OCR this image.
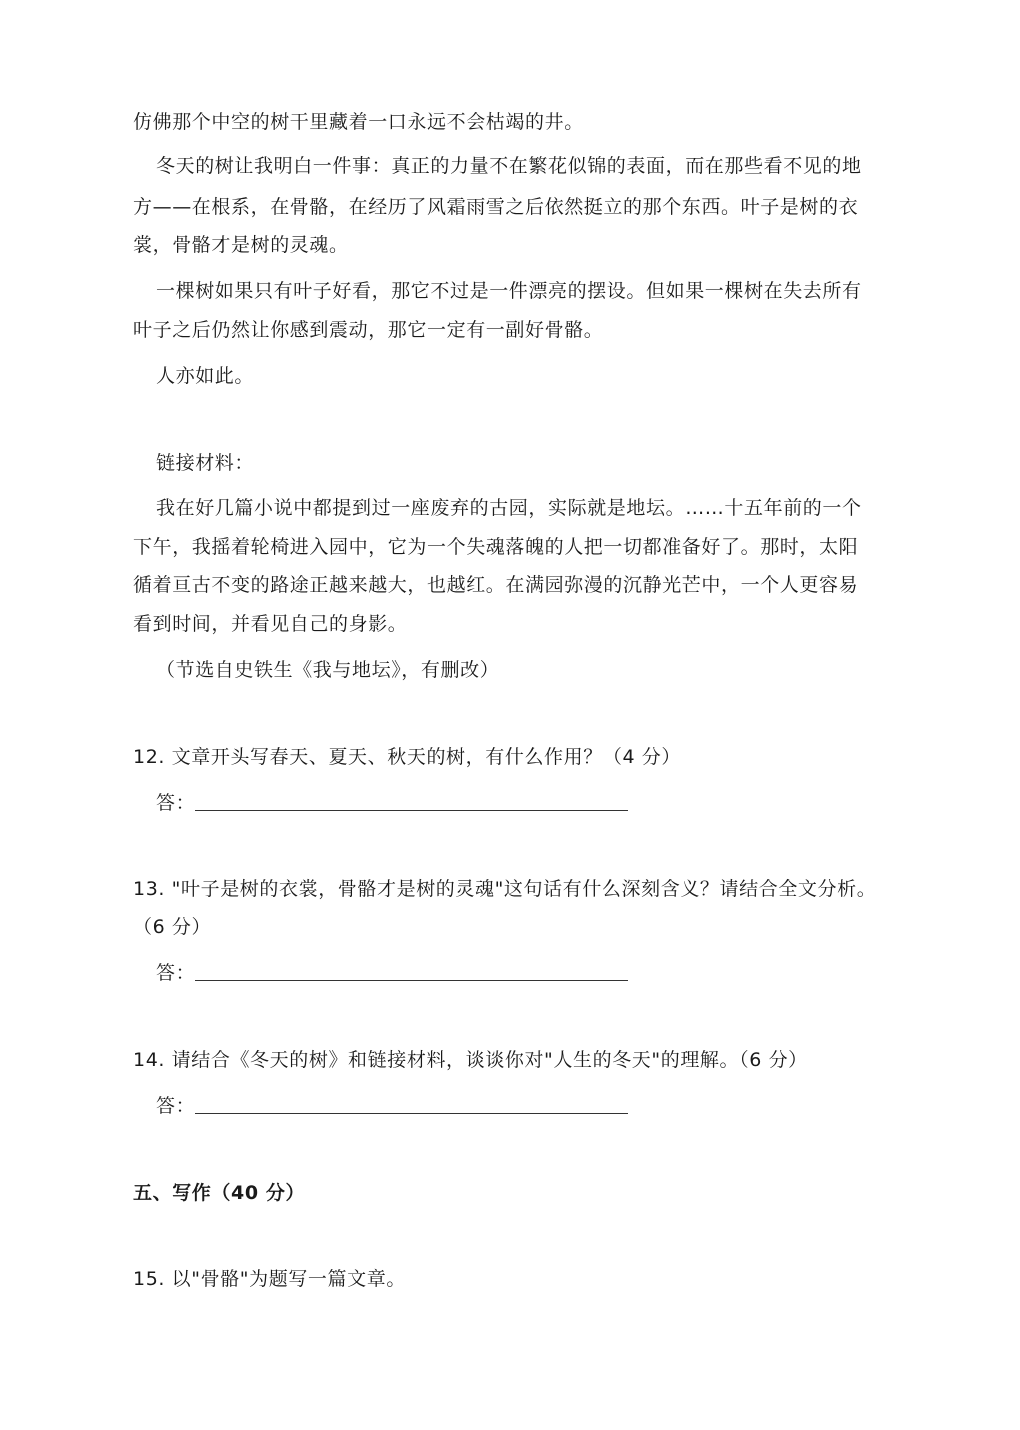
仿佛那个中空的树干里藏着一口永远不会枯竭的井。
冬天的树让我明白一件事：真正的力量不在繁花似锦的表面，而在那些看不见的地
方——在根系，在骨骼，在经历了风霜雨雪之后依然挺立的那个东西。叶子是树的衣
裳，骨骼才是树的灵魂。
一棵树如果只有叶子好看，那它不过是一件漂亮的摆设。但如果一棵树在失去所有
叶子之后仍然让你感到震动，那它一定有一副好骨骼。
人亦如此。
链接材料：
我在好几篇小说中都提到过一座废弃的古园，实际就是地坛。……十五年前的一个
下午，我摇着轮椅进入园中，它为一个失魂落魄的人把一切都准备好了。那时，太阳
循着亘古不变的路途正越来越大，也越红。在满园弥漫的沉静光芒中，一个人更容易
看到时间，并看见自己的身影。
（节选自史铁生《我与地坛》，有删改）
12. 文章开头写春天、夏天、秋天的树，有什么作用？（4 分）
答：
13. "叶子是树的衣裳，骨骼才是树的灵魂"这句话有什么深刻含义？请结合全文分析。
（6 分）
答：
14. 请结合《冬天的树》和链接材料，谈谈你对"人生的冬天"的理解。（6 分）
答：
五、写作（40 分）
15. 以"骨骼"为题写一篇文章。
